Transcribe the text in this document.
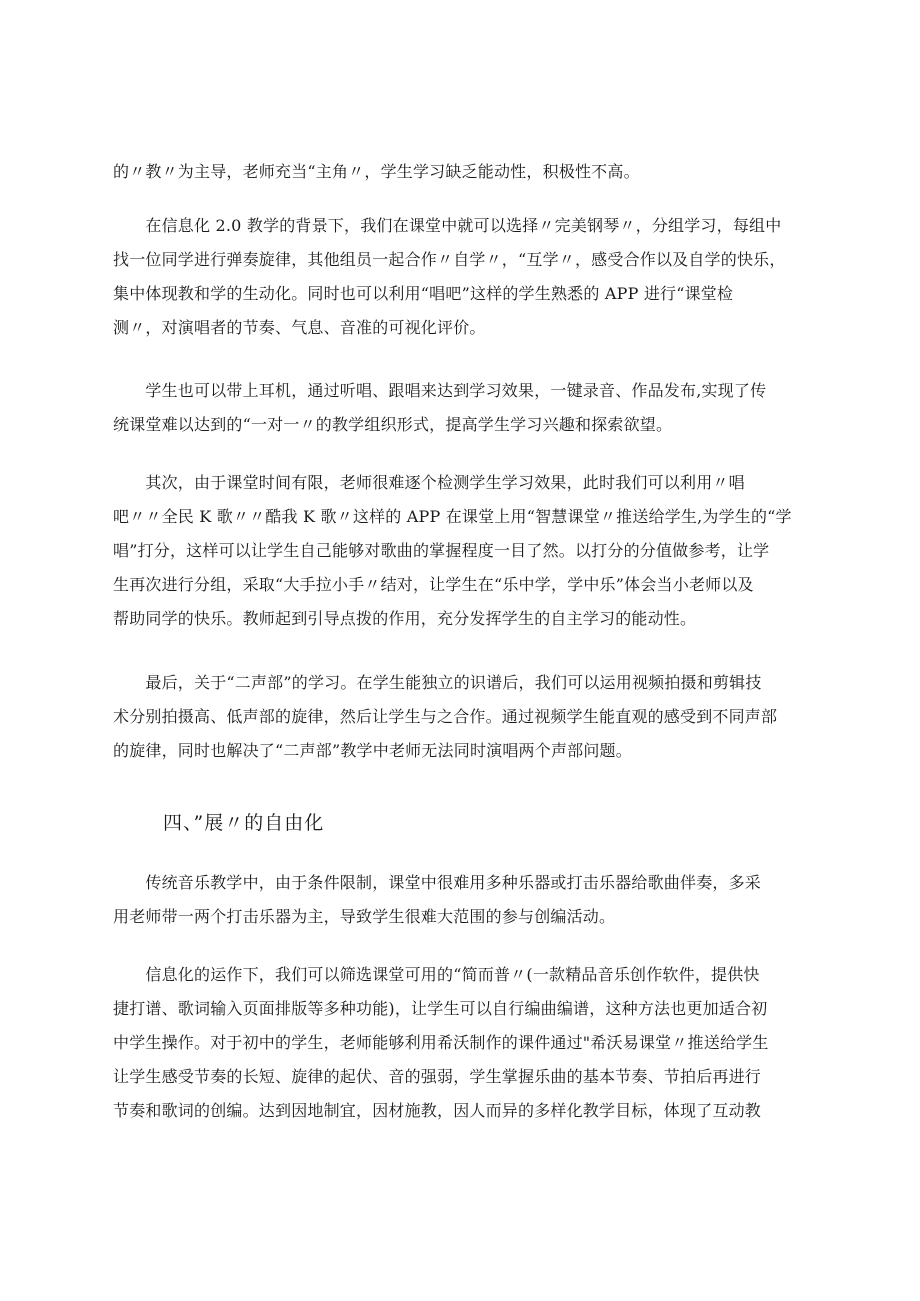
的〃教〃为主导，老师充当“主角〃，学生学习缺乏能动性，积极性不高。

　　在信息化 2.0 教学的背景下，我们在课堂中就可以选择〃完美钢琴〃，分组学习，每组中
找一位同学进行弹奏旋律，其他组员一起合作〃自学〃，“互学〃，感受合作以及自学的快乐，
集中体现教和学的生动化。同时也可以利用“唱吧”这样的学生熟悉的 APP 进行“课堂检
测〃，对演唱者的节奏、气息、音准的可视化评价。

　　学生也可以带上耳机，通过听唱、跟唱来达到学习效果，一键录音、作品发布,实现了传
统课堂难以达到的“一对一〃的教学组织形式，提高学生学习兴趣和探索欲望。

　　其次，由于课堂时间有限，老师很难逐个检测学生学习效果，此时我们可以利用〃唱
吧〃〃全民 K 歌〃〃酷我 K 歌〃这样的 APP 在课堂上用“智慧课堂〃推送给学生,为学生的“学
唱”打分，这样可以让学生自己能够对歌曲的掌握程度一目了然。以打分的分值做参考，让学
生再次进行分组，采取“大手拉小手〃结对，让学生在“乐中学，学中乐”体会当小老师以及
帮助同学的快乐。教师起到引导点拨的作用，充分发挥学生的自主学习的能动性。

　　最后，关于“二声部”的学习。在学生能独立的识谱后，我们可以运用视频拍摄和剪辑技
术分别拍摄高、低声部的旋律，然后让学生与之合作。通过视频学生能直观的感受到不同声部
的旋律，同时也解决了“二声部”教学中老师无法同时演唱两个声部问题。

四、”展〃的自由化

　　传统音乐教学中，由于条件限制，课堂中很难用多种乐器或打击乐器给歌曲伴奏，多采
用老师带一两个打击乐器为主，导致学生很难大范围的参与创编活动。

　　信息化的运作下，我们可以筛选课堂可用的“简而普〃(一款精品音乐创作软件，提供快
捷打谱、歌词输入页面排版等多种功能)，让学生可以自行编曲编谱，这种方法也更加适合初
中学生操作。对于初中的学生，老师能够利用希沃制作的课件通过"希沃易课堂〃推送给学生
让学生感受节奏的长短、旋律的起伏、音的强弱，学生掌握乐曲的基本节奏、节拍后再进行
节奏和歌词的创编。达到因地制宜，因材施教，因人而异的多样化教学目标，体现了互动教
